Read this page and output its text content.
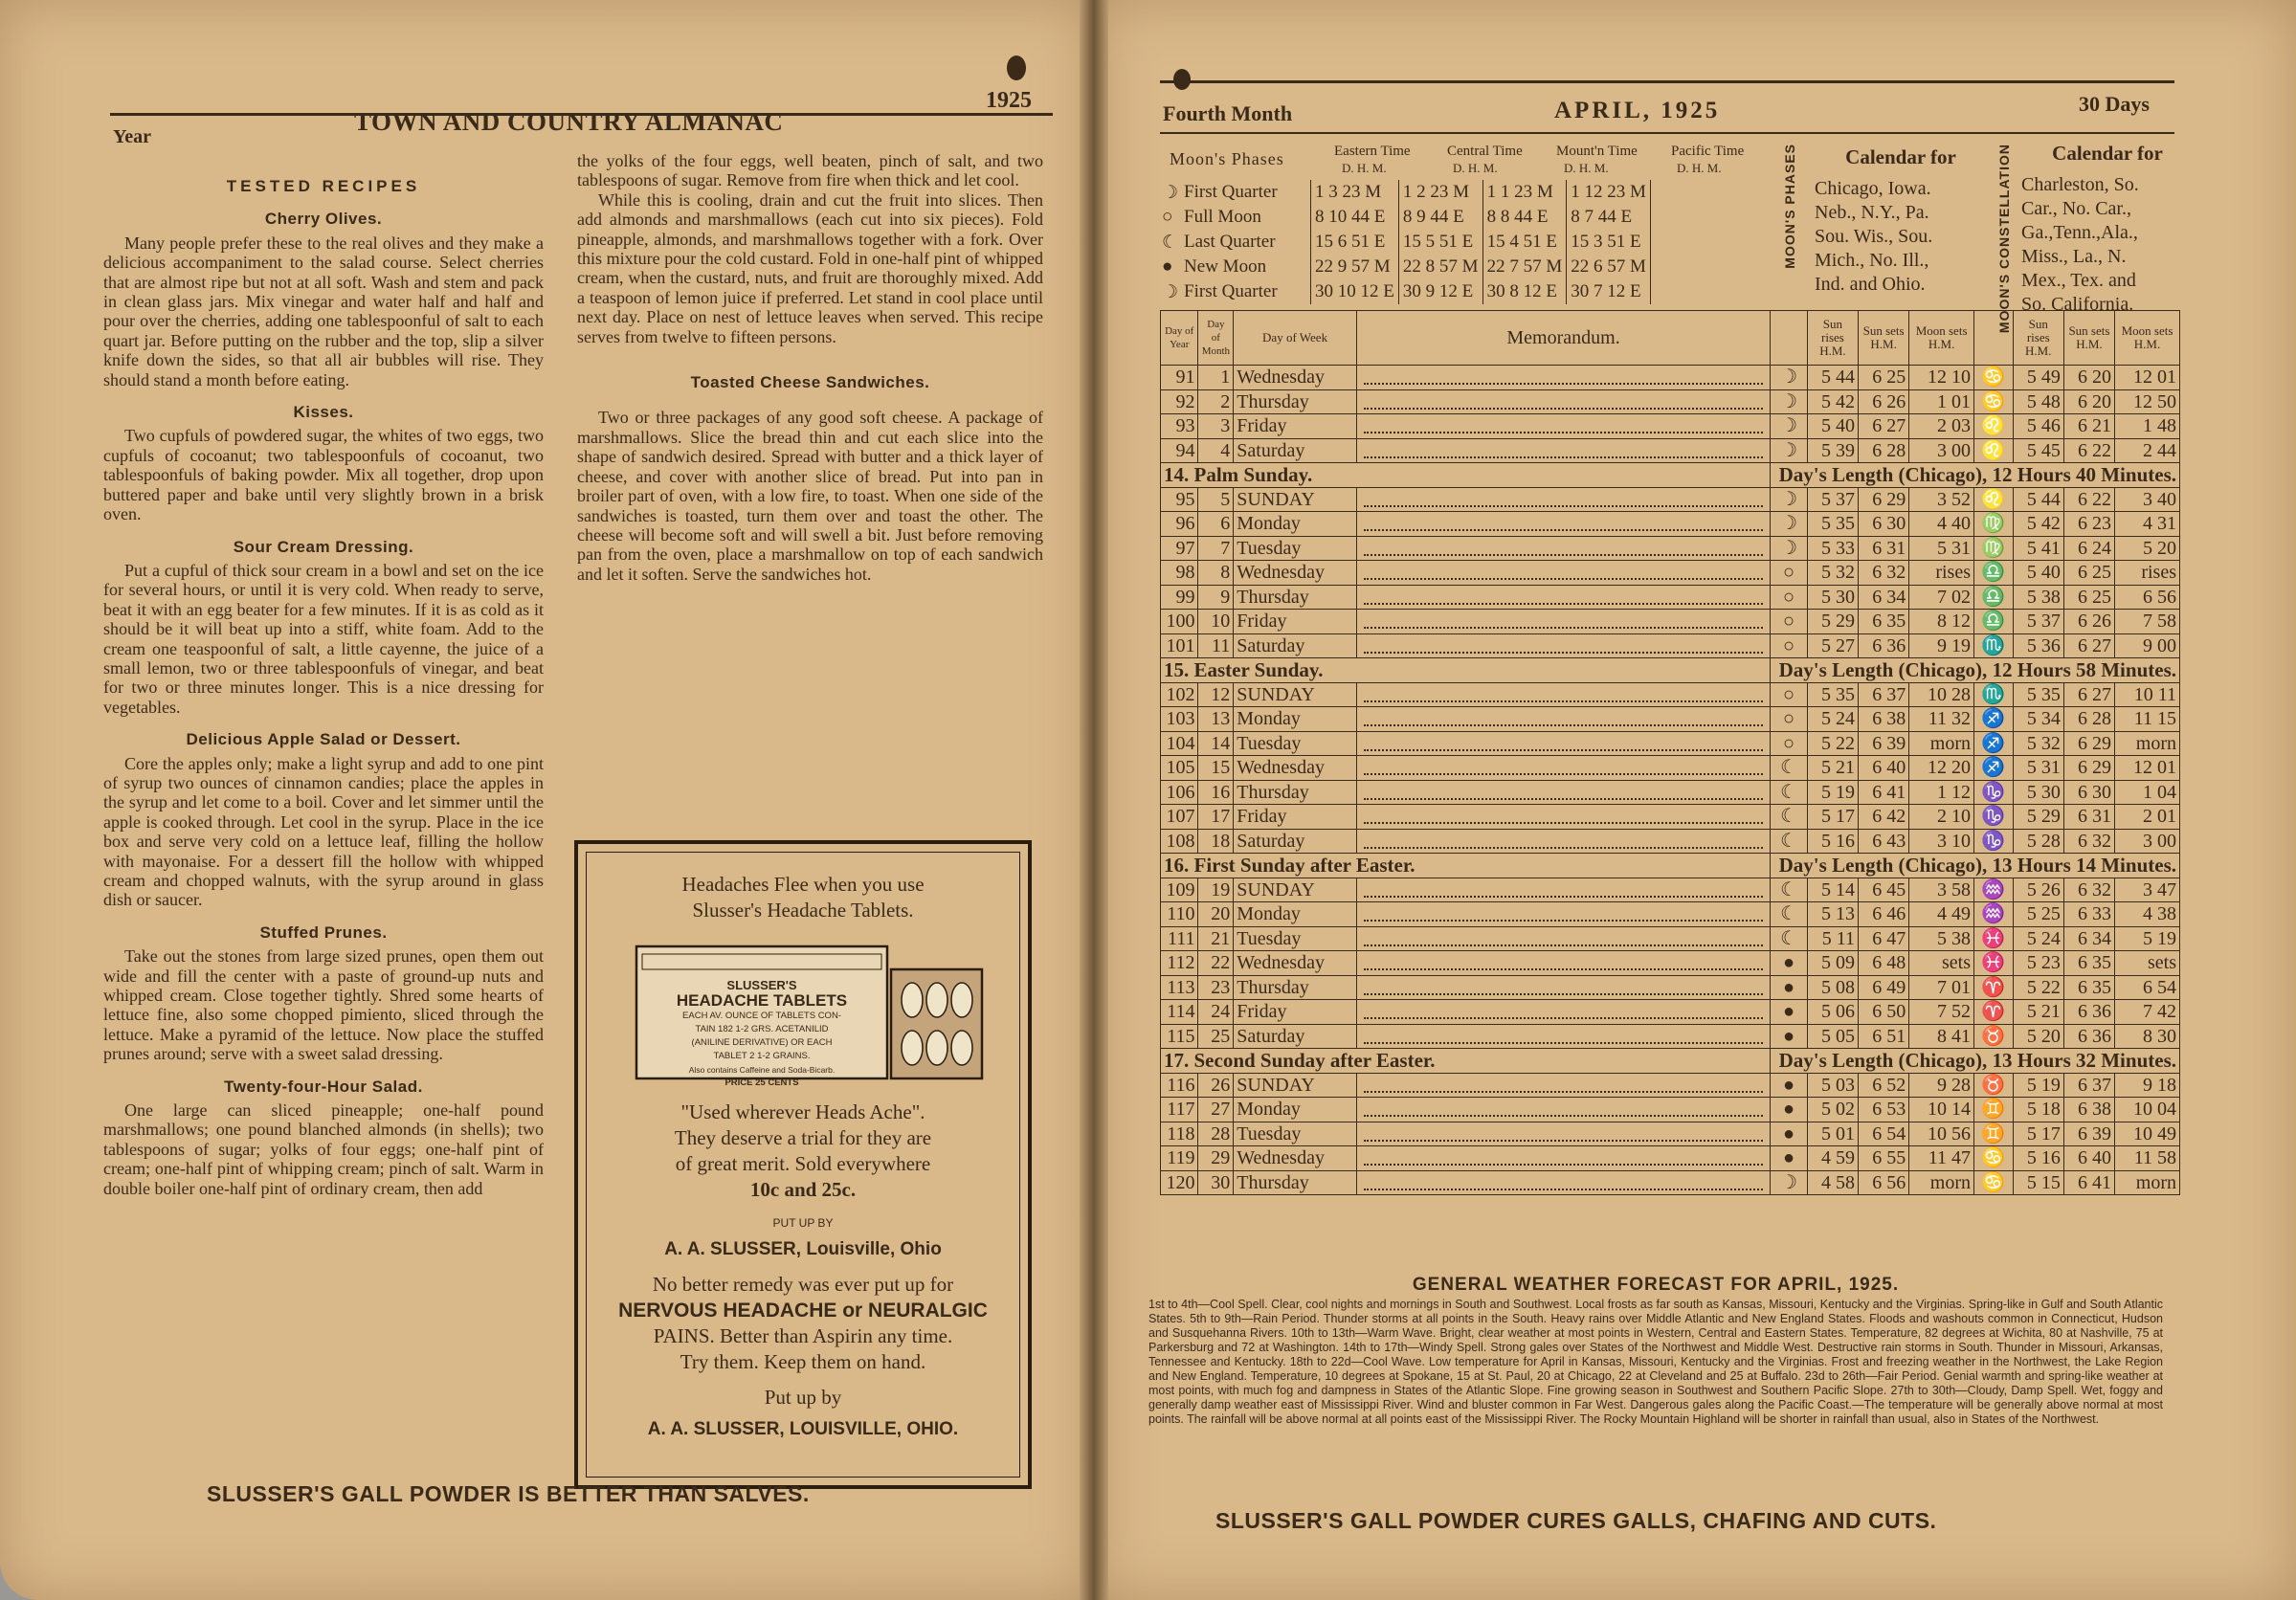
Year
TOWN AND COUNTRY ALMANAC
1925
TESTED RECIPES
Cherry Olives.

Many people prefer these to the real olives and they make a delicious accompaniment to the salad course. Select cherries that are almost ripe but not at all soft. Wash and stem and pack in clean glass jars. Mix vinegar and water half and half and pour over the cherries, adding one tablespoonful of salt to each quart jar. Before putting on the rubber and the top, slip a silver knife down the sides, so that all air bubbles will rise. They should stand a month before eating.

Kisses.

Two cupfuls of powdered sugar, the whites of two eggs, two cupfuls of cocoanut; two tablespoonfuls of cocoanut, two tablespoonfuls of baking powder. Mix all together, drop upon buttered paper and bake until very slightly brown in a brisk oven.

Sour Cream Dressing.

Put a cupful of thick sour cream in a bowl and set on the ice for several hours, or until it is very cold. When ready to serve, beat it with an egg beater for a few minutes. If it is as cold as it should be it will beat up into a stiff, white foam. Add to the cream one teaspoonful of salt, a little cayenne, the juice of a small lemon, two or three tablespoonfuls of vinegar, and beat for two or three minutes longer. This is a nice dressing for vegetables.

Delicious Apple Salad or Dessert.

Core the apples only; make a light syrup and add to one pint of syrup two ounces of cinnamon candies; place the apples in the syrup and let come to a boil. Cover and let simmer until the apple is cooked through. Let cool in the syrup. Place in the ice box and serve very cold on a lettuce leaf, filling the hollow with mayonaise. For a dessert fill the hollow with whipped cream and chopped walnuts, with the syrup around in glass dish or saucer.

Stuffed Prunes.

Take out the stones from large sized prunes, open them out wide and fill the center with a paste of ground-up nuts and whipped cream. Close together tightly. Shred some hearts of lettuce fine, also some chopped pimiento, sliced through the lettuce. Make a pyramid of the lettuce. Now place the stuffed prunes around; serve with a sweet salad dressing.

Twenty-four-Hour Salad.

One large can sliced pineapple; one-half pound marshmallows; one pound blanched almonds (in shells); two tablespoons of sugar; yolks of four eggs; one-half pint of cream; one-half pint of whipping cream; pinch of salt. Warm in double boiler one-half pint of ordinary cream, then add

the yolks of the four eggs, well beaten, pinch of salt, and two tablespoons of sugar. Remove from fire when thick and let cool.

While this is cooling, drain and cut the fruit into slices. Then add almonds and marshmallows (each cut into six pieces). Fold pineapple, almonds, and marshmallows together with a fork. Over this mixture pour the cold custard. Fold in one-half pint of whipped cream, when the custard, nuts, and fruit are thoroughly mixed. Add a teaspoon of lemon juice if preferred. Let stand in cool place until next day. Place on nest of lettuce leaves when served. This recipe serves from twelve to fifteen persons.

Toasted Cheese Sandwiches.

Two or three packages of any good soft cheese. A package of marshmallows. Slice the bread thin and cut each slice into the shape of sandwich desired. Spread with butter and a thick layer of cheese, and cover with another slice of bread. Put into pan in broiler part of oven, with a low fire, to toast. When one side of the sandwiches is toasted, turn them over and toast the other. The cheese will become soft and will swell a bit. Just before removing pan from the oven, place a marshmallow on top of each sandwich and let it soften. Serve the sandwiches hot.

Headaches Flee when you use

Slusser's Headache Tablets.

SLUSSER'S
HEADACHE TABLETS
EACH AV. OUNCE OF TABLETS CON-
TAIN 182 1-2 GRS. ACETANILID
(ANILINE DERIVATIVE) OR EACH
TABLET 2 1-2 GRAINS.
Also contains Caffeine and Soda-Bicarb.
PRICE 25 CENTS

"Used wherever Heads Ache".

They deserve a trial for they are

of great merit. Sold everywhere

10c and 25c.

PUT UP BY

A. A. SLUSSER, Louisville, Ohio

No better remedy was ever put up for

NERVOUS HEADACHE or NEURALGIC

PAINS. Better than Aspirin any time.

Try them. Keep them on hand.

Put up by

A. A. SLUSSER, LOUISVILLE, OHIO.

SLUSSER'S GALL POWDER IS BETTER THAN SALVES.
Fourth Month	APRIL, 1925	30 Days
Moon's Phases	Eastern Time	Central Time Mount'n Time Pacific Time
D. H. M.	D. H. M.	D. H. M.	D. H. M.
☽	First Quarter	1 3 23 M	1 2 23 M	1 1 23 M	1 12 23 M
○	Full Moon	8 10 44 E	8 9 44 E	8 8 44 E	8 7 44 E
☾	Last Quarter	15 6 51 E	15 5 51 E	15 4 51 E	15 3 51 E
●	New Moon	22 9 57 M	22 8 57 M	22 7 57 M	22 6 57 M
☽	First Quarter	30 10 12 E	30 9 12 E	30 8 12 E	30 7 12 E
MOON'S PHASES	MOON'S CONSTELLATION
Calendar for
Chicago, Iowa.
Neb., N.Y., Pa.
Sou. Wis., Sou.
Mich., No. Ill.,
Ind. and Ohio.
Calendar for
Charleston, So.
Car., No. Car.,
Ga.,Tenn.,Ala.,
Miss., La., N.
Mex., Tex. and
So. California.
Day of Year	Day of Month	Day of Week	Memorandum.		Sun rises H.M.	Sun sets H.M.	Moon sets H.M.		Sun rises H.M.	Sun sets H.M.	Moon sets H.M.
91	1	Wednesday		☽	5 44	6 25	12 10	♋	5 49	6 20	12 01
92	2	Thursday		☽	5 42	6 26	1 01	♋	5 48	6 20	12 50
93	3	Friday		☽	5 40	6 27	2 03	♌	5 46	6 21	1 48
94	4	Saturday		☽	5 39	6 28	3 00	♌	5 45	6 22	2 44
14. Palm Sunday.				Day's Length (Chicago), 12 Hours 40 Minutes.							
95	5	SUNDAY		☽	5 37	6 29	3 52	♌	5 44	6 22	3 40
96	6	Monday		☽	5 35	6 30	4 40	♍	5 42	6 23	4 31
97	7	Tuesday		☽	5 33	6 31	5 31	♍	5 41	6 24	5 20
98	8	Wednesday		○	5 32	6 32	rises	♎	5 40	6 25	rises
99	9	Thursday		○	5 30	6 34	7 02	♎	5 38	6 25	6 56
100	10	Friday		○	5 29	6 35	8 12	♎	5 37	6 26	7 58
101	11	Saturday		○	5 27	6 36	9 19	♏	5 36	6 27	9 00
15. Easter Sunday.				Day's Length (Chicago), 12 Hours 58 Minutes.							
102	12	SUNDAY		○	5 35	6 37	10 28	♏	5 35	6 27	10 11
103	13	Monday		○	5 24	6 38	11 32	♐	5 34	6 28	11 15
104	14	Tuesday		○	5 22	6 39	morn	♐	5 32	6 29	morn
105	15	Wednesday		☾	5 21	6 40	12 20	♐	5 31	6 29	12 01
106	16	Thursday		☾	5 19	6 41	1 12	♑	5 30	6 30	1 04
107	17	Friday		☾	5 17	6 42	2 10	♑	5 29	6 31	2 01
108	18	Saturday		☾	5 16	6 43	3 10	♑	5 28	6 32	3 00
16. First Sunday after Easter.				Day's Length (Chicago), 13 Hours 14 Minutes.							
109	19	SUNDAY		☾	5 14	6 45	3 58	♒	5 26	6 32	3 47
110	20	Monday		☾	5 13	6 46	4 49	♒	5 25	6 33	4 38
111	21	Tuesday		☾	5 11	6 47	5 38	♓	5 24	6 34	5 19
112	22	Wednesday		●	5 09	6 48	sets	♓	5 23	6 35	sets
113	23	Thursday		●	5 08	6 49	7 01	♈	5 22	6 35	6 54
114	24	Friday		●	5 06	6 50	7 52	♈	5 21	6 36	7 42
115	25	Saturday		●	5 05	6 51	8 41	♉	5 20	6 36	8 30
17. Second Sunday after Easter.				Day's Length (Chicago), 13 Hours 32 Minutes.							
116	26	SUNDAY		●	5 03	6 52	9 28	♉	5 19	6 37	9 18
117	27	Monday		●	5 02	6 53	10 14	♊	5 18	6 38	10 04
118	28	Tuesday		●	5 01	6 54	10 56	♊	5 17	6 39	10 49
119	29	Wednesday		●	4 59	6 55	11 47	♋	5 16	6 40	11 58
120	30	Thursday		☽	4 58	6 56	morn	♋	5 15	6 41	morn
GENERAL WEATHER FORECAST FOR APRIL, 1925.
1st to 4th—Cool Spell. Clear, cool nights and mornings in South and Southwest. Local frosts as far south as Kansas, Missouri, Kentucky and the Virginias. Spring-like in Gulf and South Atlantic States. 5th to 9th—Rain Period. Thunder storms at all points in the South. Heavy rains over Middle Atlantic and New England States. Floods and washouts common in Connecticut, Hudson and Susquehanna Rivers. 10th to 13th—Warm Wave. Bright, clear weather at most points in Western, Central and Eastern States. Temperature, 82 degrees at Wichita, 80 at Nashville, 75 at Parkersburg and 72 at Washington. 14th to 17th—Windy Spell. Strong gales over States of the Northwest and Middle West. Destructive rain storms in South. Thunder in Missouri, Arkansas, Tennessee and Kentucky. 18th to 22d—Cool Wave. Low temperature for April in Kansas, Missouri, Kentucky and the Virginias. Frost and freezing weather in the Northwest, the Lake Region and New England. Temperature, 10 degrees at Spokane, 15 at St. Paul, 20 at Chicago, 22 at Cleveland and 25 at Buffalo. 23d to 26th—Fair Period. Genial warmth and spring-like weather at most points, with much fog and dampness in States of the Atlantic Slope. Fine growing season in Southwest and Southern Pacific Slope. 27th to 30th—Cloudy, Damp Spell. Wet, foggy and generally damp weather east of Mississippi River. Wind and bluster common in Far West. Dangerous gales along the Pacific Coast.—The temperature will be generally above normal at most points. The rainfall will be above normal at all points east of the Mississippi River. The Rocky Mountain Highland will be shorter in rainfall than usual, also in States of the Northwest.
SLUSSER'S GALL POWDER CURES GALLS, CHAFING AND CUTS.
